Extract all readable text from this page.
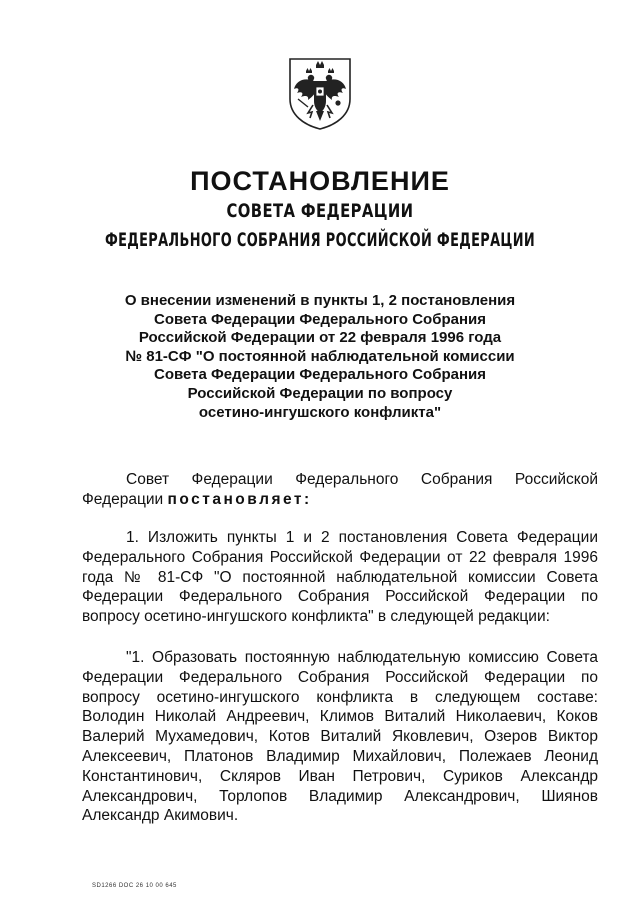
ПОСТАНОВЛЕНИЕ
СОВЕТА ФЕДЕРАЦИИ
ФЕДЕРАЛЬНОГО СОБРАНИЯ РОССИЙСКОЙ ФЕДЕРАЦИИ
О внесении изменений в пункты 1, 2 постановления
Совета Федерации Федерального Собрания
Российской Федерации от 22 февраля 1996 года
№ 81-СФ "О постоянной наблюдательной комиссии
Совета Федерации Федерального Собрания
Российской Федерации по вопросу
осетино-ингушского конфликта"
Совет Федерации Федерального Собрания Российской Федерации постановляет:
1. Изложить пункты 1 и 2 постановления Совета Федерации Федерального Собрания Российской Федерации от 22 февраля 1996 года № 81-СФ "О постоянной наблюдательной комиссии Совета Федерации Федерального Собрания Российской Федерации по вопросу осетино-ингушского конфликта" в следующей редакции:
"1. Образовать постоянную наблюдательную комиссию Совета Федерации Федерального Собрания Российской Федерации по вопросу осетино-ингушского конфликта в следующем составе: Володин Николай Андреевич, Климов Виталий Николаевич, Коков Валерий Мухамедович, Котов Виталий Яковлевич, Озеров Виктор Алексеевич, Платонов Владимир Михайлович, Полежаев Леонид Константинович, Скляров Иван Петрович, Суриков Александр Александрович, Торлопов Владимир Александрович, Шиянов Александр Акимович.
SD1266 DOC 26 10 00 645
